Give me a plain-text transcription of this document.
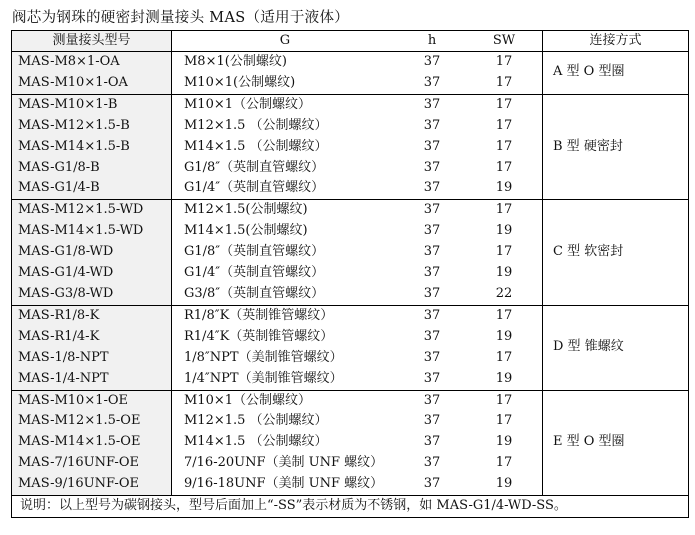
阀芯为钢珠的硬密封测量接头 MAS（适用于液体）
测量接头型号	G	h	SW	连接方式
MAS-M8×1-OA	M8×1(公制螺纹)	37	17	A 型 O 型圈
MAS-M10×1-OA	M10×1(公制螺纹)	37	17	
MAS-M10×1-B	M10×1（公制螺纹）	37	17	B 型 硬密封
MAS-M12×1.5-B	M12×1.5 （公制螺纹）	37	17	
MAS-M14×1.5-B	M14×1.5 （公制螺纹）	37	17	
MAS-G1/8-B	G1/8″（英制直管螺纹）	37	17	
MAS-G1/4-B	G1/4″（英制直管螺纹）	37	19	
MAS-M12×1.5-WD	M12×1.5(公制螺纹)	37	17	C 型 软密封
MAS-M14×1.5-WD	M14×1.5(公制螺纹)	37	19	
MAS-G1/8-WD	G1/8″（英制直管螺纹）	37	17	
MAS-G1/4-WD	G1/4″（英制直管螺纹）	37	19	
MAS-G3/8-WD	G3/8″（英制直管螺纹）	37	22	
MAS-R1/8-K	R1/8″K（英制锥管螺纹）	37	17	D 型 锥螺纹
MAS-R1/4-K	R1/4″K（英制锥管螺纹）	37	19	
MAS-1/8-NPT	1/8″NPT（美制锥管螺纹）	37	17	
MAS-1/4-NPT	1/4″NPT（美制锥管螺纹）	37	19	
MAS-M10×1-OE	M10×1（公制螺纹）	37	17	E 型 O 型圈
MAS-M12×1.5-OE	M12×1.5 （公制螺纹）	37	17	
MAS-M14×1.5-OE	M14×1.5 （公制螺纹）	37	19	
MAS-7/16UNF-OE	7/16-20UNF（美制 UNF 螺纹）	37	17	
MAS-9/16UNF-OE	9/16-18UNF（美制 UNF 螺纹）	37	19	
说明：以上型号为碳钢接头，型号后面加上“-SS”表示材质为不锈钢，如 MAS-G1/4-WD-SS。				
